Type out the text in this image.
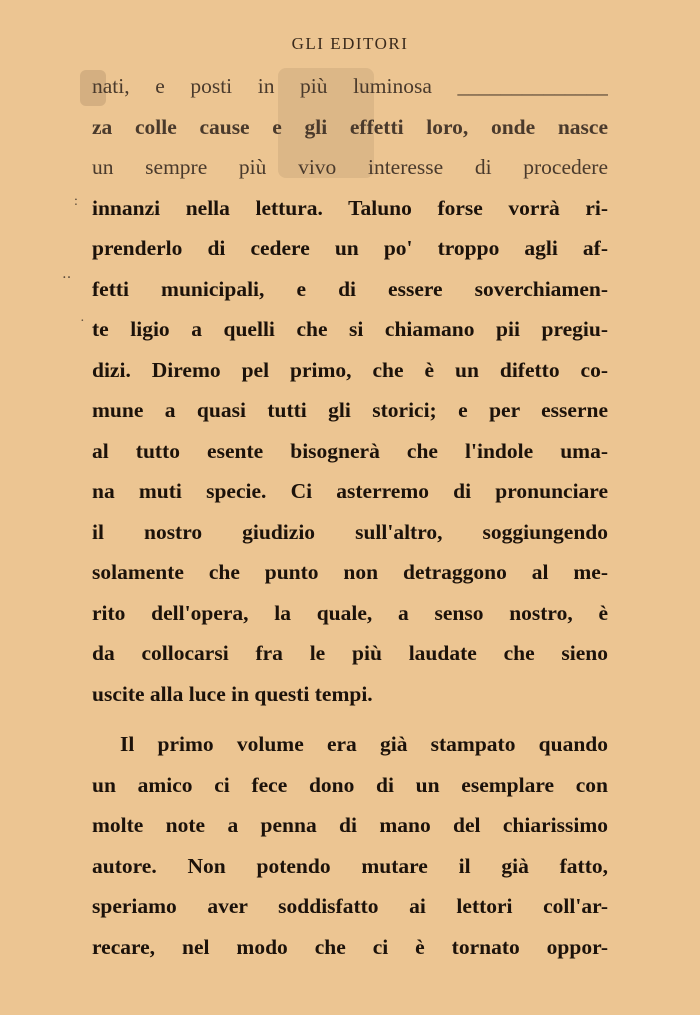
:
‥
·
GLI EDITORI
nati, e posti in più luminosa ______________
za colle cause e gli effetti loro, onde nasce
un sempre più vivo interesse di procedere
innanzi nella lettura. Taluno forse vorrà ri-
prenderlo di cedere un po' troppo agli af-
fetti municipali, e di essere soverchiamen-
te ligio a quelli che si chiamano pii pregiu-
dizi. Diremo pel primo, che è un difetto co-
mune a quasi tutti gli storici; e per esserne
al tutto esente bisognerà che l'indole uma-
na muti specie. Ci asterremo di pronunciare
il nostro giudizio sull'altro, soggiungendo
solamente che punto non detraggono al me-
rito dell'opera, la quale, a senso nostro, è
da collocarsi fra le più laudate che sieno
uscite alla luce in questi tempi.
Il primo volume era già stampato quando
un amico ci fece dono di un esemplare con
molte note a penna di mano del chiarissimo
autore. Non potendo mutare il già fatto,
speriamo aver soddisfatto ai lettori coll'ar-
recare, nel modo che ci è tornato oppor-
